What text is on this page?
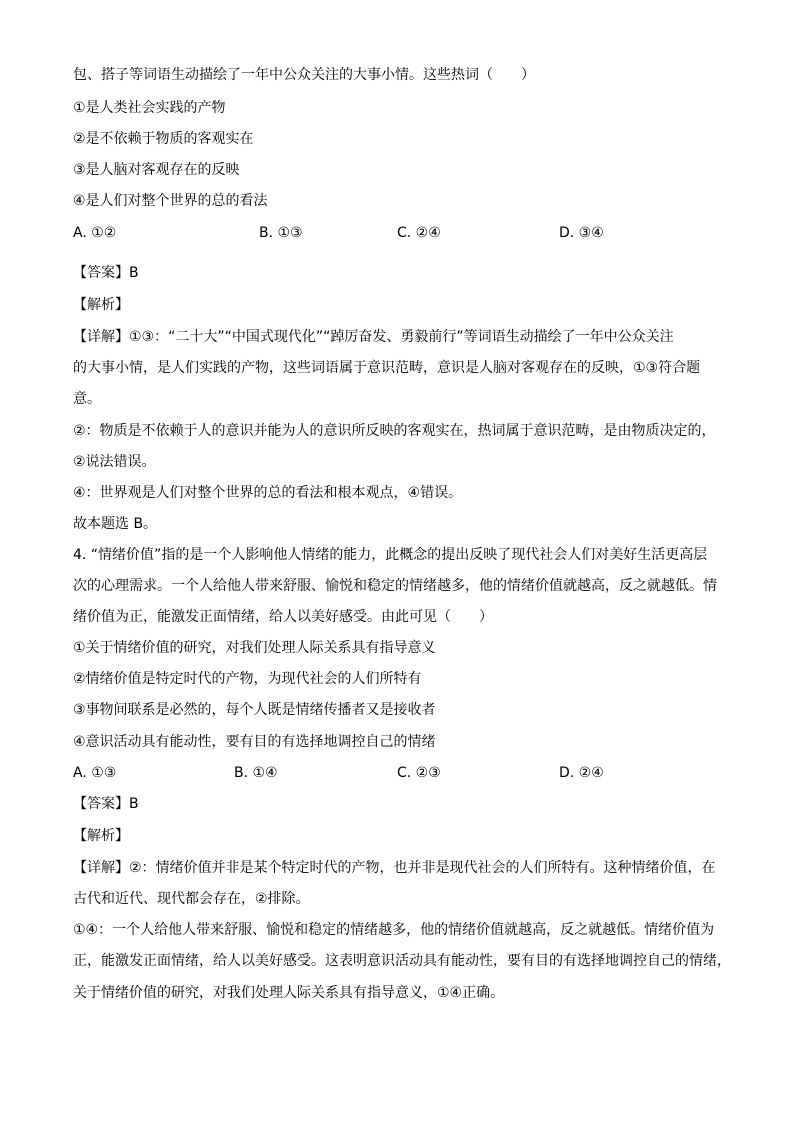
包、搭子等词语生动描绘了一年中公众关注的大事小情。这些热词（　　）
①是人类社会实践的产物
②是不依赖于物质的客观实在
③是人脑对客观存在的反映
④是人们对整个世界的总的看法
A. ①②	B. ①③	C. ②④	D. ③④
【答案】B
【解析】
【详解】①③：“二十大”“中国式现代化”“踔厉奋发、勇毅前行”等词语生动描绘了一年中公众关注
的大事小情，是人们实践的产物，这些词语属于意识范畴，意识是人脑对客观存在的反映，①③符合题
意。
②：物质是不依赖于人的意识并能为人的意识所反映的客观实在，热词属于意识范畴，是由物质决定的，
②说法错误。
④：世界观是人们对整个世界的总的看法和根本观点，④错误。
故本题选 B。
4. “情绪价值”指的是一个人影响他人情绪的能力，此概念的提出反映了现代社会人们对美好生活更高层
次的心理需求。一个人给他人带来舒服、愉悦和稳定的情绪越多，他的情绪价值就越高，反之就越低。情
绪价值为正，能激发正面情绪，给人以美好感受。由此可见（　　）
①关于情绪价值的研究，对我们处理人际关系具有指导意义
②情绪价值是特定时代的产物，为现代社会的人们所特有
③事物间联系是必然的，每个人既是情绪传播者又是接收者
④意识活动具有能动性，要有目的有选择地调控自己的情绪
A. ①③	B. ①④	C. ②③	D. ②④
【答案】B
【解析】
【详解】②：情绪价值并非是某个特定时代的产物，也并非是现代社会的人们所特有。这种情绪价值，在
古代和近代、现代都会存在，②排除。
①④：一个人给他人带来舒服、愉悦和稳定的情绪越多，他的情绪价值就越高，反之就越低。情绪价值为
正，能激发正面情绪，给人以美好感受。这表明意识活动具有能动性，要有目的有选择地调控自己的情绪，
关于情绪价值的研究，对我们处理人际关系具有指导意义，①④正确。
